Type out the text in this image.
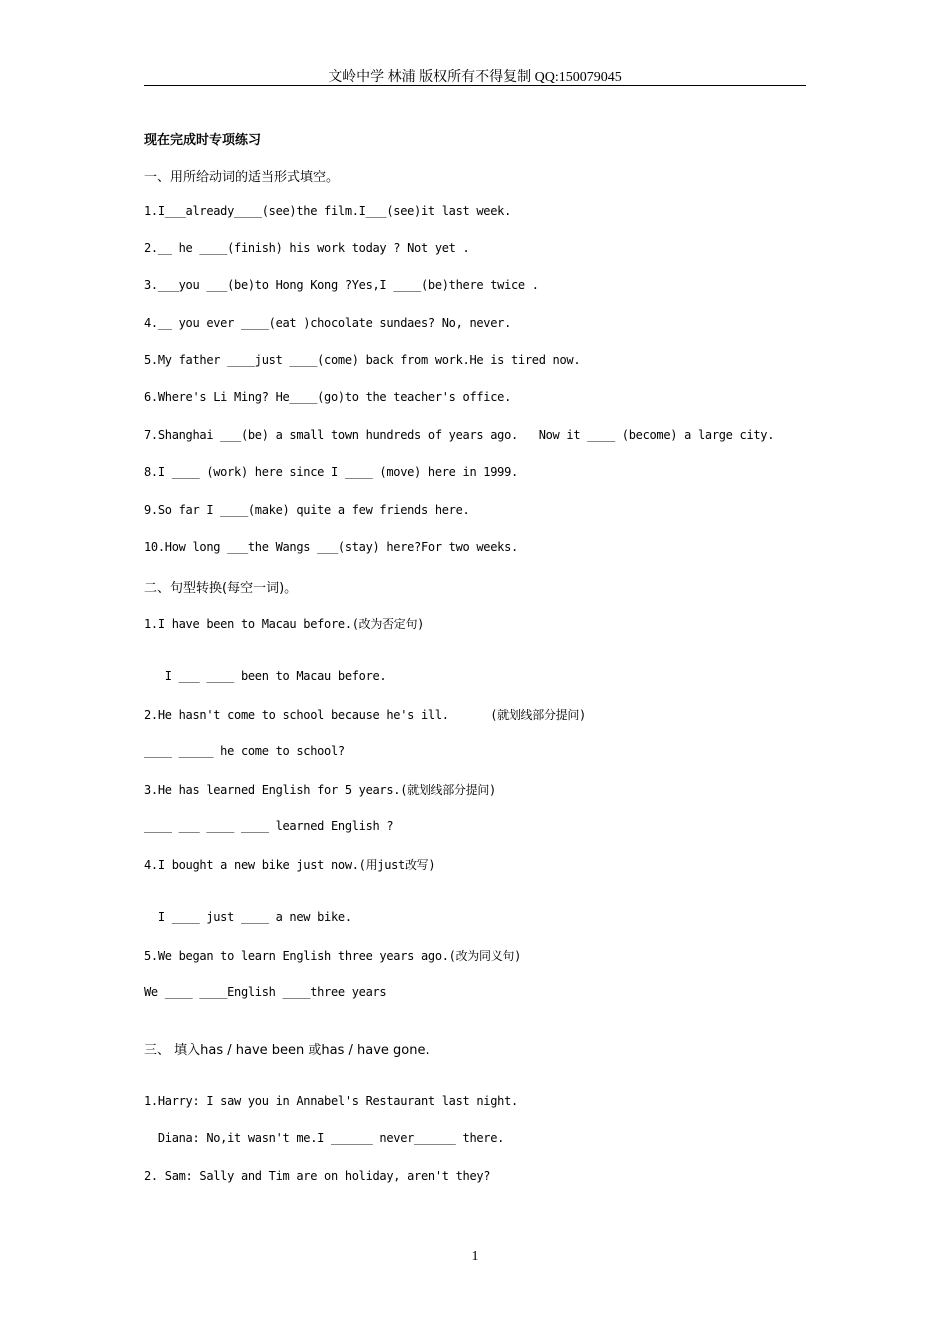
文岭中学 林浦 版权所有不得复制 QQ:150079045
现在完成时专项练习
一、用所给动词的适当形式填空。
1.I___already____(see)the film.I___(see)it last week.
2.__ he ____(finish) his work today ? Not yet .
3.___you ___(be)to Hong Kong ?Yes,I ____(be)there twice .
4.__ you ever ____(eat )chocolate sundaes? No, never.
5.My father ____just ____(come) back from work.He is tired now.
6.Where's Li Ming? He____(go)to the teacher's office.
7.Shanghai ___(be) a small town hundreds of years ago.   Now it ____ (become) a large city.
8.I ____ (work) here since I ____ (move) here in 1999.
9.So far I ____(make) quite a few friends here.
10.How long ___the Wangs ___(stay) here?For two weeks.
二、句型转换(每空一词)。
1.I have been to Macau before.(改为否定句)
I ___ ____ been to Macau before.
2.He hasn't come to school because he's ill.      (就划线部分提问)
____ _____ he come to school?
3.He has learned English for 5 years.(就划线部分提问)
____ ___ ____ ____ learned English ?
4.I bought a new bike just now.(用just改写)
I ____ just ____ a new bike.
5.We began to learn English three years ago.(改为同义句)
We ____ ____English ____three years
三、 填入has / have been 或has / have gone.
1.Harry: I saw you in Annabel's Restaurant last night.
Diana: No,it wasn't me.I ______ never______ there.
2. Sam: Sally and Tim are on holiday, aren't they?
1
